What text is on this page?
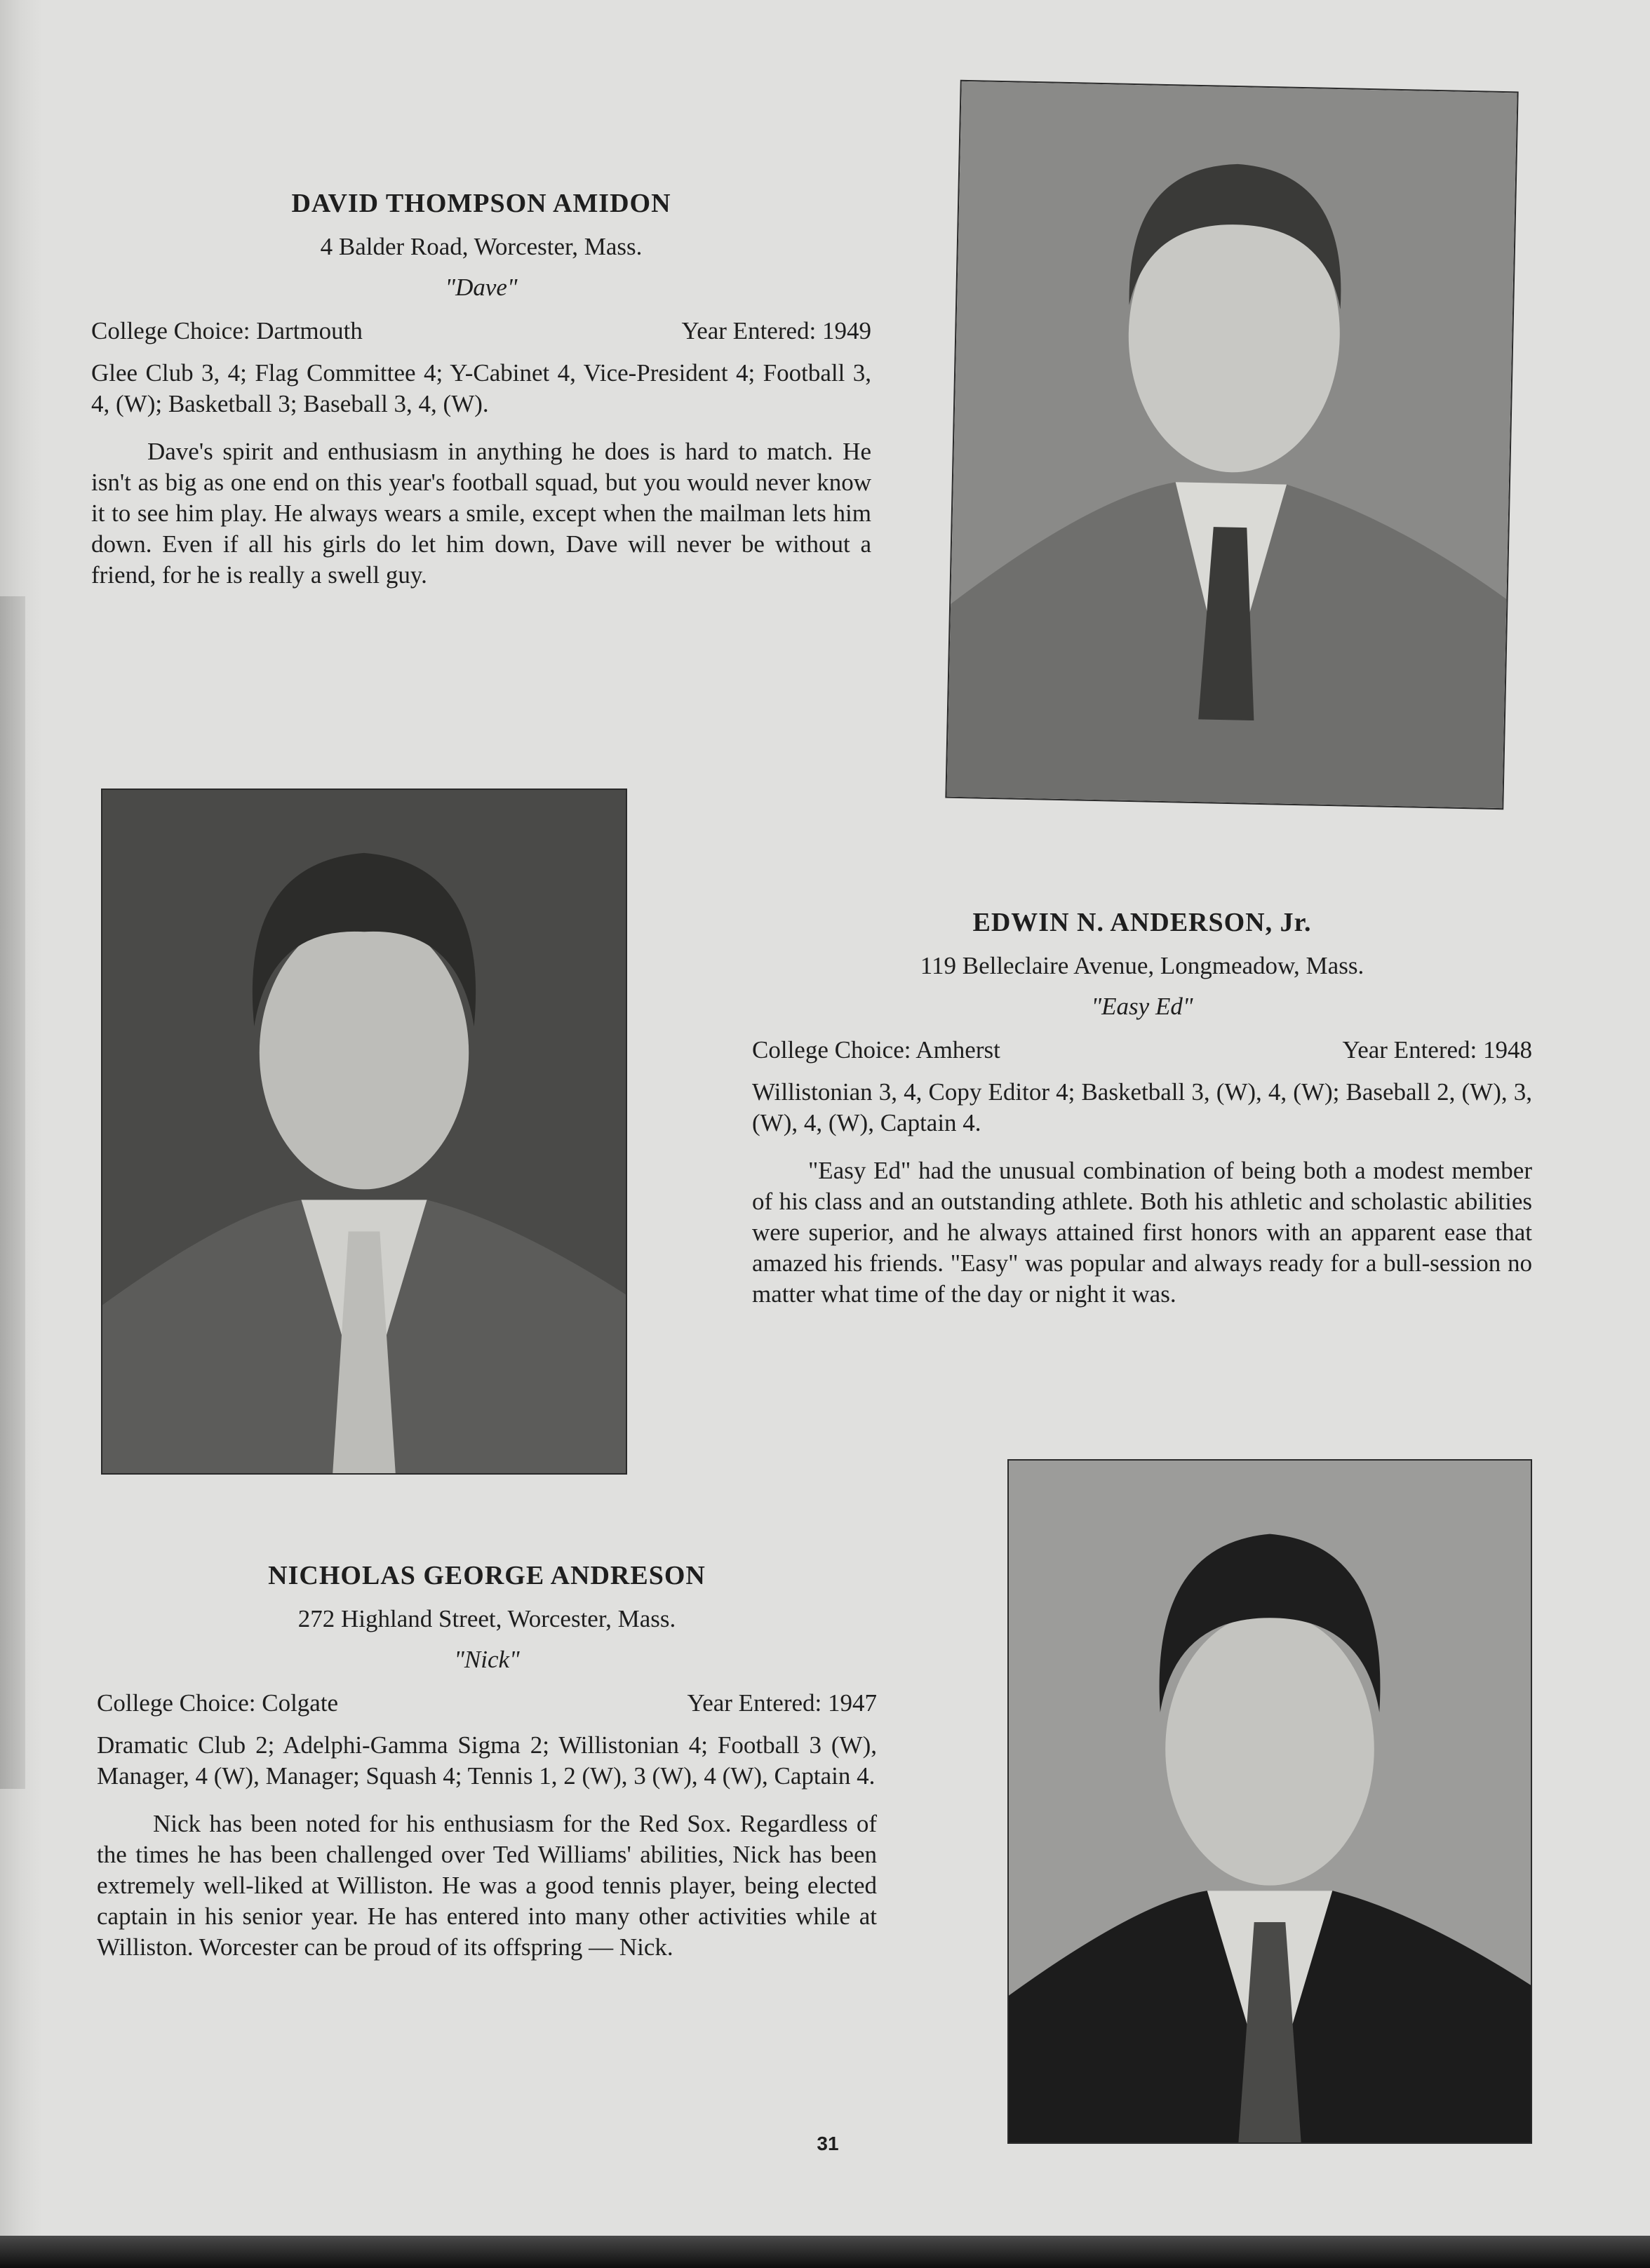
DAVID THOMPSON AMIDON
4 Balder Road, Worcester, Mass.
"Dave"
College Choice: Dartmouth	Year Entered: 1949
Glee Club 3, 4; Flag Committee 4; Y-Cabinet 4, Vice-President 4; Football 3, 4, (W); Basketball 3; Baseball 3, 4, (W).
Dave's spirit and enthusiasm in anything he does is hard to match. He isn't as big as one end on this year's football squad, but you would never know it to see him play. He always wears a smile, except when the mailman lets him down. Even if all his girls do let him down, Dave will never be without a friend, for he is really a swell guy.
EDWIN N. ANDERSON, Jr.
119 Belleclaire Avenue, Longmeadow, Mass.
"Easy Ed"
College Choice: Amherst	Year Entered: 1948
Willistonian 3, 4, Copy Editor 4; Basketball 3, (W), 4, (W); Baseball 2, (W), 3, (W), 4, (W), Captain 4.
"Easy Ed" had the unusual combination of being both a modest member of his class and an outstanding athlete. Both his athletic and scholastic abilities were superior, and he always attained first honors with an apparent ease that amazed his friends. "Easy" was popular and always ready for a bull-session no matter what time of the day or night it was.
NICHOLAS GEORGE ANDRESON
272 Highland Street, Worcester, Mass.
"Nick"
College Choice: Colgate	Year Entered: 1947
Dramatic Club 2; Adelphi-Gamma Sigma 2; Willistonian 4; Football 3 (W), Manager, 4 (W), Manager; Squash 4; Tennis 1, 2 (W), 3 (W), 4 (W), Captain 4.
Nick has been noted for his enthusiasm for the Red Sox. Regardless of the times he has been challenged over Ted Williams' abilities, Nick has been extremely well-liked at Williston. He was a good tennis player, being elected captain in his senior year. He has entered into many other activities while at Williston. Worcester can be proud of its offspring — Nick.
31
